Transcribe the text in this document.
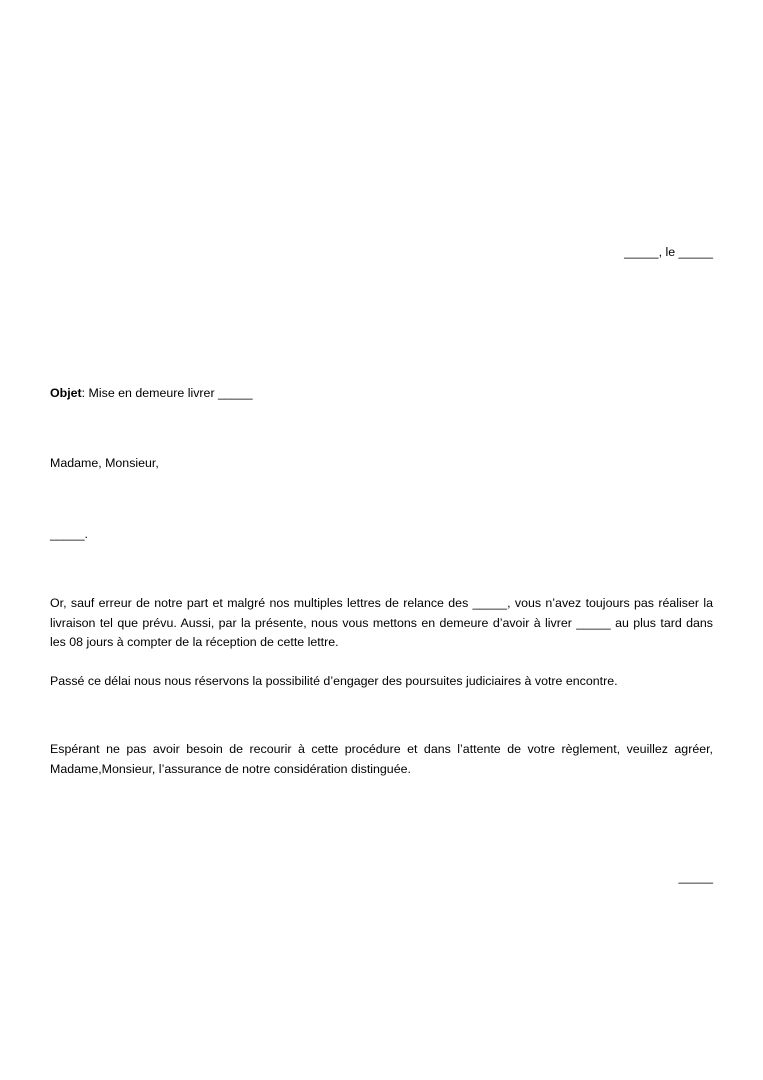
_____, le _____
Objet: Mise en demeure livrer _____
Madame, Monsieur,
_____.
Or, sauf erreur de notre part et malgré nos multiples lettres de relance des _____, vous n’avez toujours pas réaliser la livraison tel que prévu. Aussi, par la présente, nous vous mettons en demeure d’avoir à livrer _____ au plus tard dans les 08 jours à compter de la réception de cette lettre.
Passé ce délai nous nous réservons la possibilité d’engager des poursuites judiciaires à votre encontre.
Espérant ne pas avoir besoin de recourir à cette procédure et dans l’attente de votre règlement, veuillez agréer, Madame,Monsieur, l’assurance de notre considération distinguée.
_____
